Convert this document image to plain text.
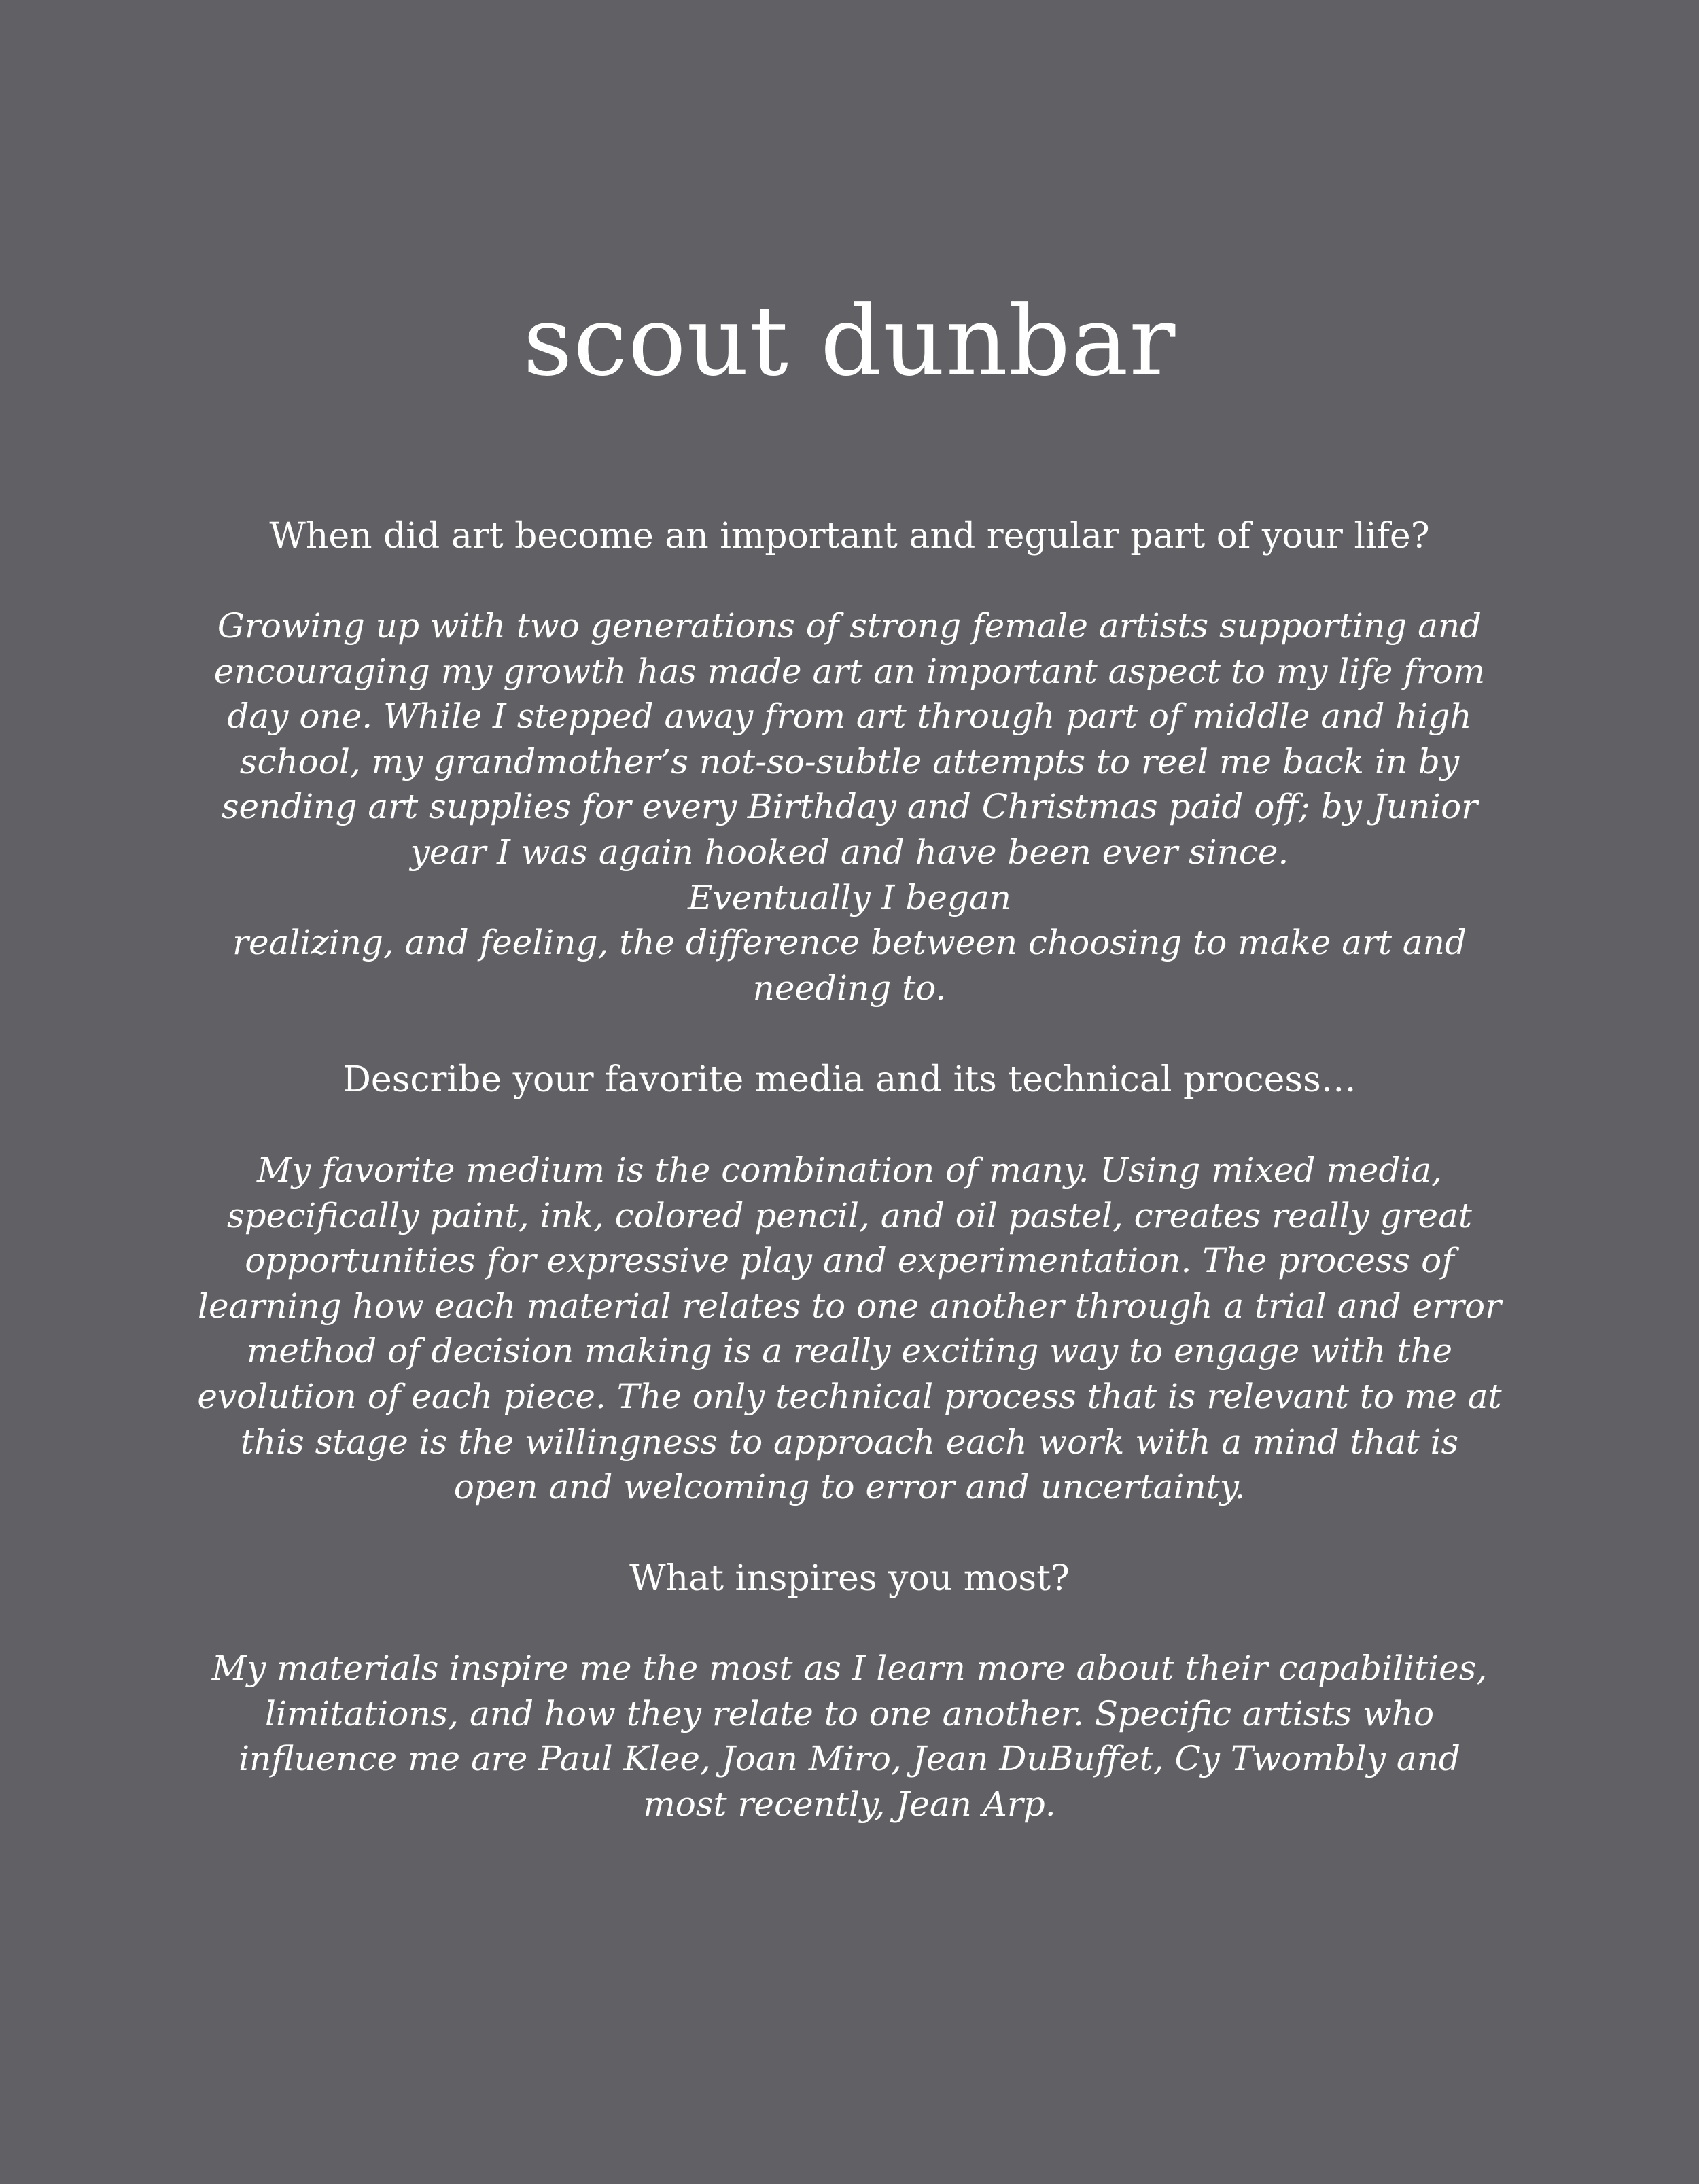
scout dunbar

When did art become an important and regular part of your life?

Growing up with two generations of strong female artists supporting and
encouraging my growth has made art an important aspect to my life from
day one. While I stepped away from art through part of middle and high
school, my grandmother’s not-so-subtle attempts to reel me back in by
sending art supplies for every Birthday and Christmas paid off; by Junior
year I was again hooked and have been ever since.
Eventually I began
realizing, and feeling, the difference between choosing to make art and
needing to.

Describe your favorite media and its technical process…

My favorite medium is the combination of many. Using mixed media,
specifically paint, ink, colored pencil, and oil pastel, creates really great
opportunities for expressive play and experimentation. The process of
learning how each material relates to one another through a trial and error
method of decision making is a really exciting way to engage with the
evolution of each piece. The only technical process that is relevant to me at
this stage is the willingness to approach each work with a mind that is
open and welcoming to error and uncertainty.

What inspires you most?

My materials inspire me the most as I learn more about their capabilities,
limitations, and how they relate to one another. Specific artists who
influence me are Paul Klee, Joan Miro, Jean DuBuffet, Cy Twombly and
most recently, Jean Arp.
